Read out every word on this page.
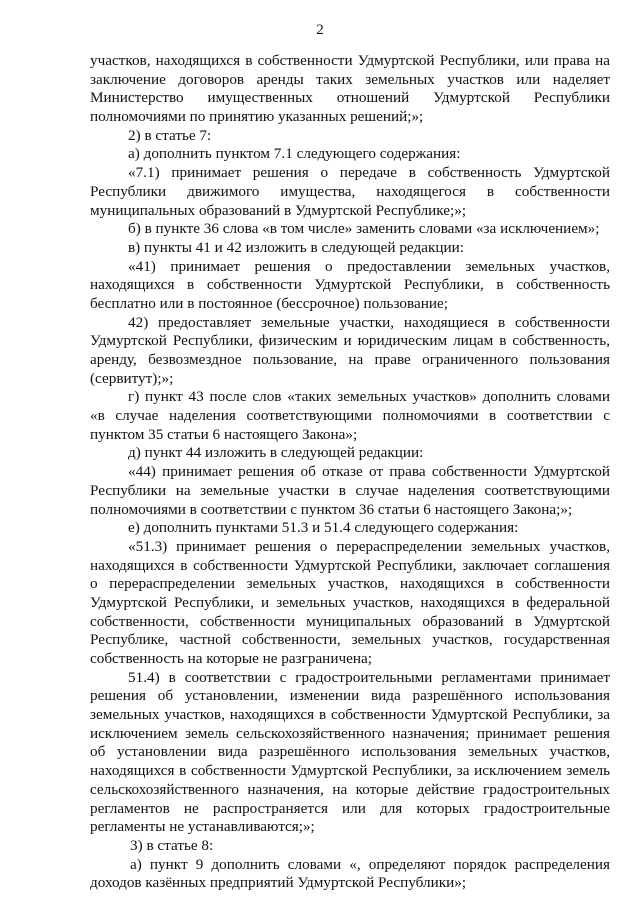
2
участков, находящихся в собственности Удмуртской Республики, или права на
заключение договоров аренды таких земельных участков или наделяет
Министерство имущественных отношений Удмуртской Республики
полномочиями по принятию указанных решений;»;
2) в статье 7:
а) дополнить пунктом 7.1 следующего содержания:
«7.1) принимает решения о передаче в собственность Удмуртской
Республики движимого имущества, находящегося в собственности
муниципальных образований в Удмуртской Республике;»;
б) в пункте 36 слова «в том числе» заменить словами «за исключением»;
в) пункты 41 и 42 изложить в следующей редакции:
«41) принимает решения о предоставлении земельных участков,
находящихся в собственности Удмуртской Республики, в собственность
бесплатно или в постоянное (бессрочное) пользование;
42) предоставляет земельные участки, находящиеся в собственности
Удмуртской Республики, физическим и юридическим лицам в собственность,
аренду, безвозмездное пользование, на праве ограниченного пользования
(сервитут);»;
г) пункт 43 после слов «таких земельных участков» дополнить словами
«в случае наделения соответствующими полномочиями в соответствии с
пунктом 35 статьи 6 настоящего Закона»;
д) пункт 44 изложить в следующей редакции:
«44) принимает решения об отказе от права собственности Удмуртской
Республики на земельные участки в случае наделения соответствующими
полномочиями в соответствии с пунктом 36 статьи 6 настоящего Закона;»;
е) дополнить пунктами 51.3 и 51.4 следующего содержания:
«51.3) принимает решения о перераспределении земельных участков,
находящихся в собственности Удмуртской Республики, заключает соглашения
о перераспределении земельных участков, находящихся в собственности
Удмуртской Республики, и земельных участков, находящихся в федеральной
собственности, собственности муниципальных образований в Удмуртской
Республике, частной собственности, земельных участков, государственная
собственность на которые не разграничена;
51.4) в соответствии с градостроительными регламентами принимает
решения об установлении, изменении вида разрешённого использования
земельных участков, находящихся в собственности Удмуртской Республики, за
исключением земель сельскохозяйственного назначения; принимает решения
об установлении вида разрешённого использования земельных участков,
находящихся в собственности Удмуртской Республики, за исключением земель
сельскохозяйственного назначения, на которые действие градостроительных
регламентов не распространяется или для которых градостроительные
регламенты не устанавливаются;»;
3) в статье 8:
а) пункт 9 дополнить словами «, определяют порядок распределения
доходов казённых предприятий Удмуртской Республики»;
